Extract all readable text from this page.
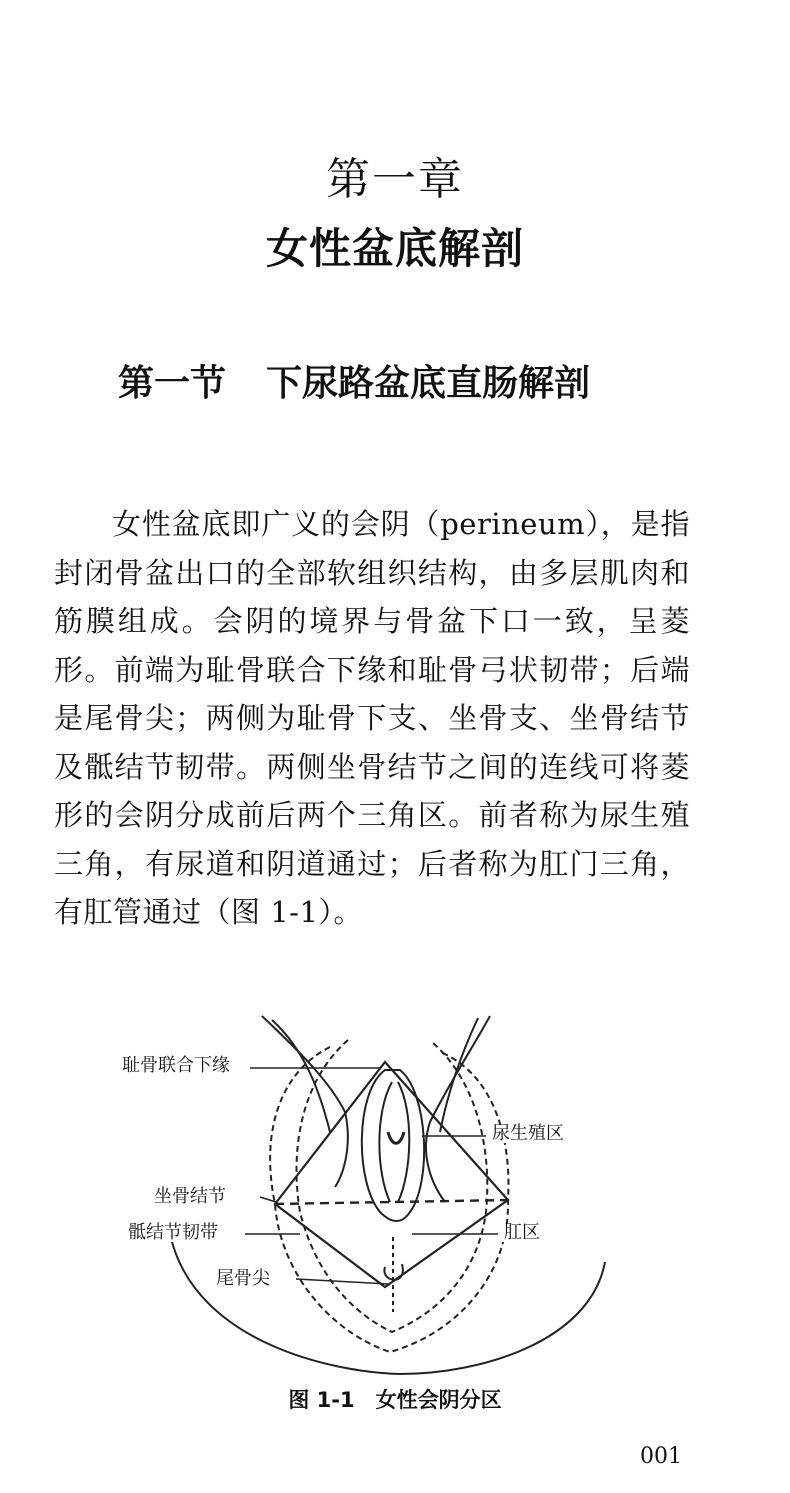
第一章
女性盆底解剖
第一节 下尿路盆底直肠解剖

女性盆底即广义的会阴（perineum），是指封闭骨盆出口的全部软组织结构，由多层肌肉和筋膜组成。会阴的境界与骨盆下口一致，呈菱形。前端为耻骨联合下缘和耻骨弓状韧带；后端是尾骨尖；两侧为耻骨下支、坐骨支、坐骨结节及骶结节韧带。两侧坐骨结节之间的连线可将菱形的会阴分成前后两个三角区。前者称为尿生殖三角，有尿道和阴道通过；后者称为肛门三角，有肛管通过（图 1-1）。

耻骨联合下缘
尿生殖区
坐骨结节
骶结节韧带	肛区
尾骨尖
图 1-1　女性会阴分区
001
